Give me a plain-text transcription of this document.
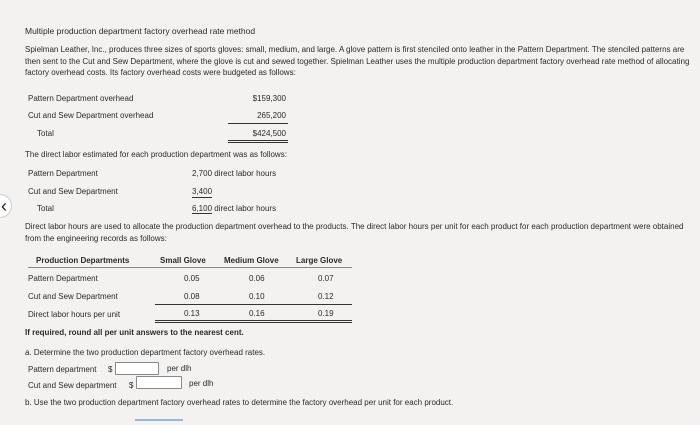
‹
Multiple production department factory overhead rate method
Spielman Leather, Inc., produces three sizes of sports gloves: small, medium, and large. A glove pattern is first stenciled onto leather in the Pattern Department. The stenciled patterns are then sent to the Cut and Sew Department, where the glove is cut and sewed together. Spielman Leather uses the multiple production department factory overhead rate method of allocating factory overhead costs. Its factory overhead costs were budgeted as follows:
Pattern Department overhead	$159,300
Cut and Sew Department overhead	265,200
Total	$424,500
The direct labor estimated for each production department was as follows:
Pattern Department	2,700 direct labor hours
Cut and Sew Department	3,400
Total	6,100 direct labor hours
Direct labor hours are used to allocate the production department overhead to the products. The direct labor hours per unit for each product for each production department were obtained from the engineering records as follows:
Production Departments	Small Glove Medium Glove Large Glove
Pattern Department	0.05	0.06	0.07
Cut and Sew Department	0.08	0.10	0.12
Direct labor hours per unit	0.13	0.16	0.19
If required, round all per unit answers to the nearest cent.
a. Determine the two production department factory overhead rates.
Pattern department $	per dlh
Cut and Sew department $	per dlh
b. Use the two production department factory overhead rates to determine the factory overhead per unit for each product.
